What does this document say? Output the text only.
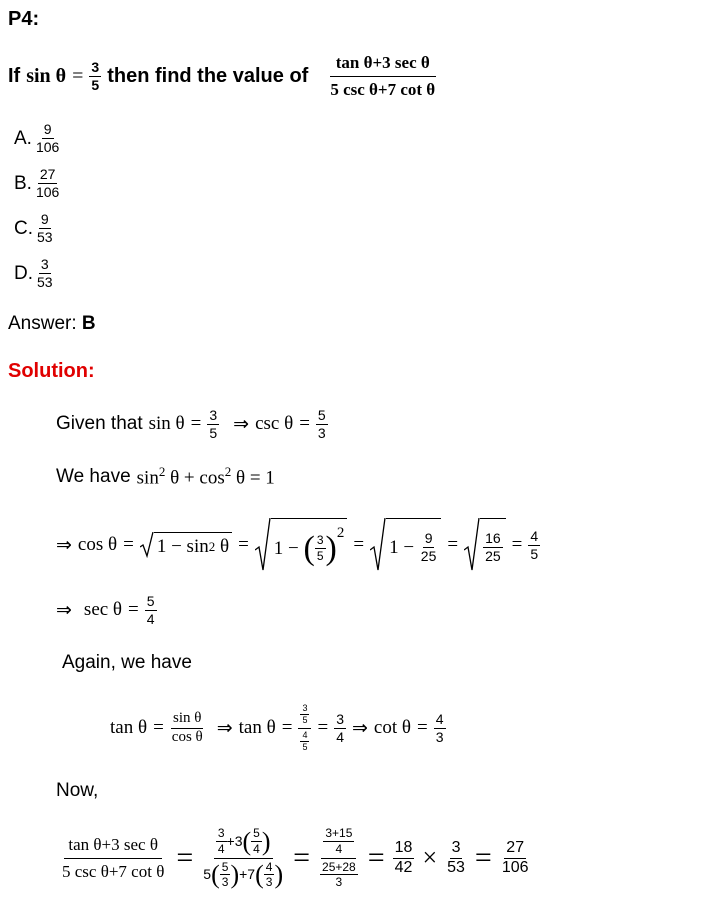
P4:
If $\sin \theta = \frac{3}{5}$ then find the value of $\frac{\text{tan θ+3 sec θ}}{\text{5 csc θ+7 cot θ}}$
A. $\frac{9}{106}$
B. $\frac{27}{106}$
C. $\frac{9}{53}$
D. $\frac{3}{53}$
Answer: B
Solution:
Given that $\sin \theta = \frac{3}{5}$ ⇒ $\csc \theta = \frac{5}{3}$
We have $\sin^2 \theta + \cos^2 \theta = 1$
⇒ cos θ = 1 − sin 2
θ = 1 −
( $\frac{3}{5} )^2$
= 1 −
$\frac{9}{25} = \frac{16}{25} = \frac{4}{5}$
⇒ $\sec \theta = \frac{5}{4}$
Again, we have
$\tan \theta = \frac{\text{sin θ}}{\text{cos θ}}$ ⇒ $\tan \theta = \frac{\frac{3}{5}}{\frac{4}{5}} = \frac{3}{4}$ ⇒ $\cot \theta = \frac{4}{3}$
Now,
$\frac{\text{tan θ+3 sec θ}}{\text{5 csc θ+7 cot θ}} = \frac{\frac{3}{4} +3 ( \frac{5}{4} )}{5 ( \frac{5}{3} ) +7 ( \frac{4}{3} )} = \frac{\frac{3+15}{4}}{\frac{25+28}{3}} = \frac{18}{42} \times \frac{3}{53} = \frac{27}{106}$
